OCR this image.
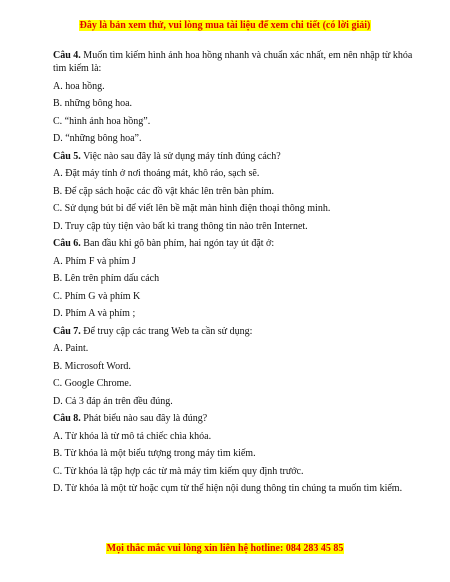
Đây là bản xem thử, vui lòng mua tài liệu để xem chi tiết (có lời giải)
Câu 4. Muốn tìm kiếm hình ảnh hoa hồng nhanh và chuẩn xác nhất, em nên nhập từ khóa tìm kiếm là:
A. hoa hồng.
B. những bông hoa.
C. “hình ảnh hoa hồng”.
D. “những bông hoa”.
Câu 5. Việc nào sau đây là sử dụng máy tính đúng cách?
A. Đặt máy tính ở nơi thoáng mát, khô ráo, sạch sẽ.
B. Để cặp sách hoặc các đồ vật khác lên trên bàn phím.
C. Sử dụng bút bi để viết lên bề mặt màn hình điện thoại thông minh.
D. Truy cập tùy tiện vào bất kì trang thông tin nào trên Internet.
Câu 6. Ban đầu khi gõ bàn phím, hai ngón tay út đặt ở:
A. Phím F và phím J
B. Lên trên phím dấu cách
C. Phím G và phím K
D. Phím A và phím ;
Câu 7. Để truy cập các trang Web ta cần sử dụng:
A. Paint.
B. Microsoft Word.
C. Google Chrome.
D. Cả 3 đáp án trên đều đúng.
Câu 8. Phát biểu nào sau đây là đúng?
A. Từ khóa là từ mô tả chiếc chìa khóa.
B. Từ khóa là một biểu tượng trong máy tìm kiếm.
C. Từ khóa là tập hợp các từ mà máy tìm kiếm quy định trước.
D. Từ khóa là một từ hoặc cụm từ thể hiện nội dung thông tin chúng ta muốn tìm kiếm.
Mọi thắc mắc vui lòng xin liên hệ hotline: 084 283 45 85
